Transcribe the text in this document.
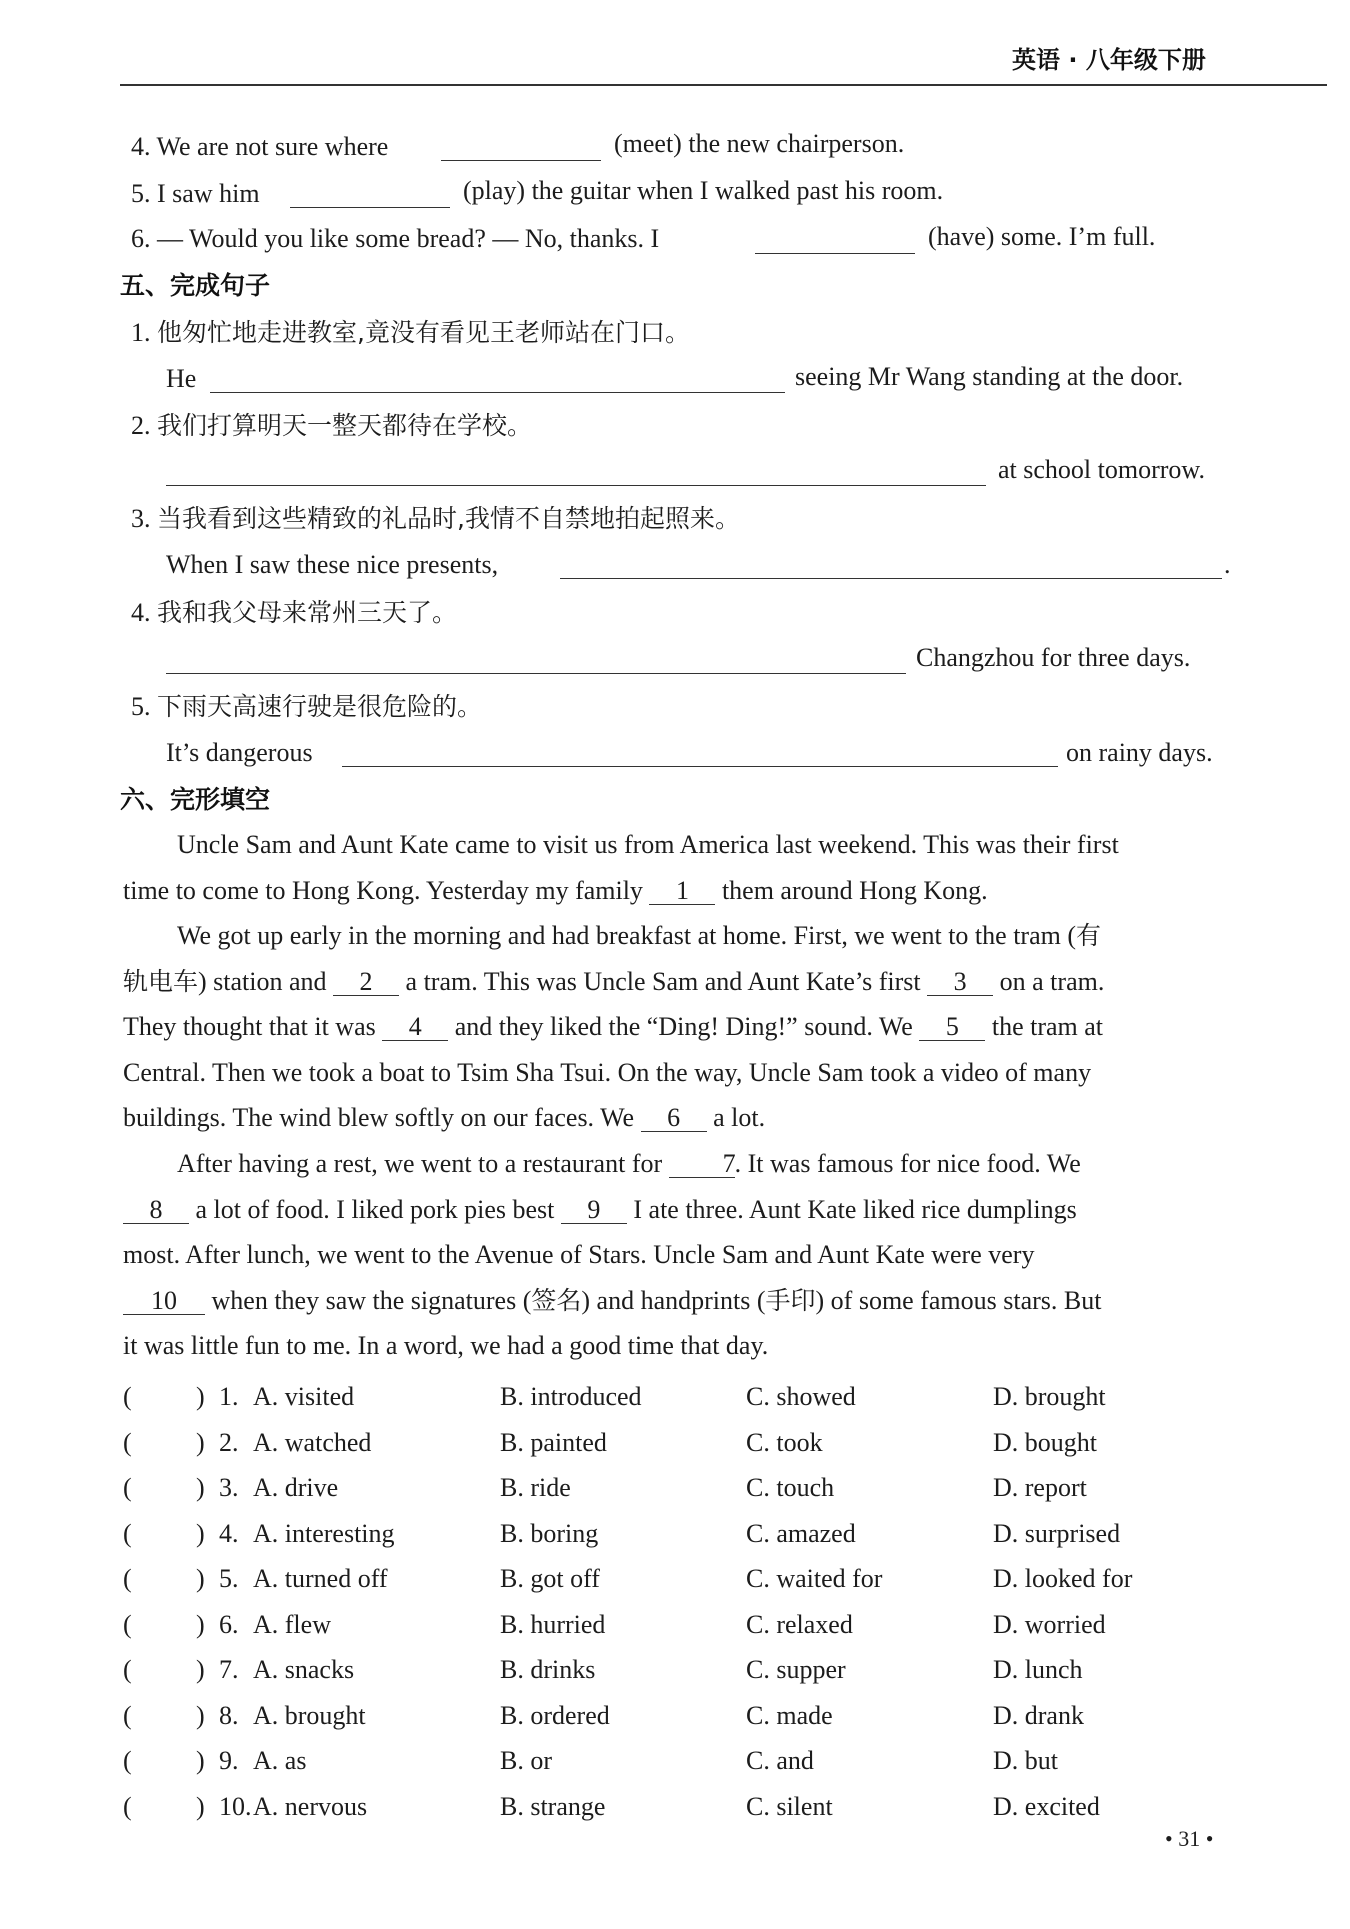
英语 · 八年级下册
4. We are not sure where	(meet) the new chairperson.
5. I saw him	(play) the guitar when I walked past his room.
6. — Would you like some bread? — No, thanks. I	(have) some. I’m full.
五、完成句子
1. 他匆忙地走进教室,竟没有看见王老师站在门口。
He	seeing Mr Wang standing at the door.
2. 我们打算明天一整天都待在学校。
at school tomorrow.
3. 当我看到这些精致的礼品时,我情不自禁地拍起照来。
When I saw these nice presents,	.
4. 我和我父母来常州三天了。
Changzhou for three days.
5. 下雨天高速行驶是很危险的。
It’s dangerous	on rainy days.
六、完形填空
Uncle Sam and Aunt Kate came to visit us from America last weekend. This was their first
time to come to Hong Kong. Yesterday my family 1 them around Hong Kong.
We got up early in the morning and had breakfast at home. First, we went to the tram (有
轨电车) station and 2 a tram. This was Uncle Sam and Aunt Kate’s first 3 on a tram.
They thought that it was 4 and they liked the “Ding! Ding!” sound. We 5 the tram at
Central. Then we took a boat to Tsim Sha Tsui. On the way, Uncle Sam took a video of many
buildings. The wind blew softly on our faces. We 6 a lot.
After having a rest, we went to a restaurant for 7. It was famous for nice food. We
8 a lot of food. I liked pork pies best 9 I ate three. Aunt Kate liked rice dumplings
most. After lunch, we went to the Avenue of Stars. Uncle Sam and Aunt Kate were very
10 when they saw the signatures (签名) and handprints (手印) of some famous stars. But
it was little fun to me. In a word, we had a good time that day.
( ) 1. A. visited	B. introduced	C. showed	D. brought
( ) 2. A. watched	B. painted	C. took	D. bought
( ) 3. A. drive	B. ride	C. touch	D. report
( ) 4. A. interesting	B. boring	C. amazed	D. surprised
( ) 5. A. turned off	B. got off	C. waited for	D. looked for
( ) 6. A. flew	B. hurried	C. relaxed	D. worried
( ) 7. A. snacks	B. drinks	C. supper	D. lunch
( ) 8. A. brought	B. ordered	C. made	D. drank
( ) 9. A. as	B. or	C. and	D. but
( ) 10. A. nervous	B. strange	C. silent	D. excited
• 31 •
